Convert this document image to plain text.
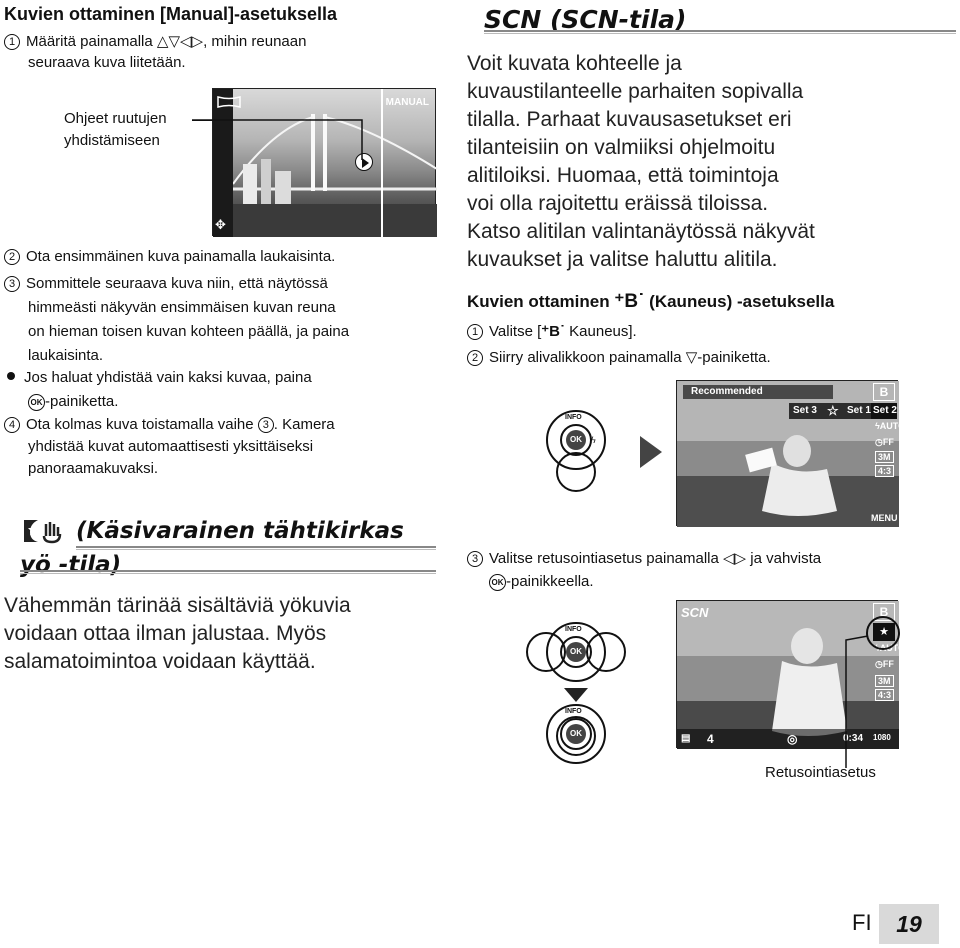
Kuvien ottaminen [Manual]-asetuksella
1 Määritä painamalla △▽◁▷, mihin reunaan
seuraava kuva liitetään.
Ohjeet ruutujen
yhdistämiseen
MANUAL
✥
2 Ota ensimmäinen kuva painamalla laukaisinta.
3 Sommittele seuraava kuva niin, että näytössä
himmeästi näkyvän ensimmäisen kuvan reuna
on hieman toisen kuvan kohteen päällä, ja paina
laukaisinta.
Jos haluat yhdistää vain kaksi kuvaa, paina
OK -painiketta.
4 Ota kolmas kuva toistamalla vaihe 3 . Kamera
yhdistää kuvat automaattisesti yksittäiseksi
panoraamakuvaksi.
(Käsivarainen tähtikirkas
yö -tila)
Vähemmän tärinää sisältäviä yökuvia
voidaan ottaa ilman jalustaa. Myös
salamatoimintoa voidaan käyttää.
SCN (SCN-tila)
Voit kuvata kohteelle ja
kuvaustilanteelle parhaiten sopivalla
tilalla. Parhaat kuvausasetukset eri
tilanteisiin on valmiiksi ohjelmoitu
alitiloiksi. Huomaa, että toimintoja
voi olla rajoitettu eräissä tiloissa.
Katso alitilan valintanäytössä näkyvät
kuvaukset ja valitse haluttu alitila.
Kuvien ottaminen ⁺B˙ (Kauneus) -asetuksella
1 Valitse [⁺B˙ Kauneus].
2 Siirry alivalikkoon painamalla ▽-painiketta.
OK
INFO
ϟ
Recommended
Set 3 ☆ Set 1 Set 2
B
ϟAUTO
◷FF
3M
4:3
MENU
3 Valitse retusointiasetus painamalla ◁▷ ja vahvista
OK -painikkeella.
OK
INFO
OK
INFO
SCN	B
★
ϟAUTO
◷FF
3M
4:3
▤ 4	◎	0:34 1080
Retusointiasetus
FI	19
